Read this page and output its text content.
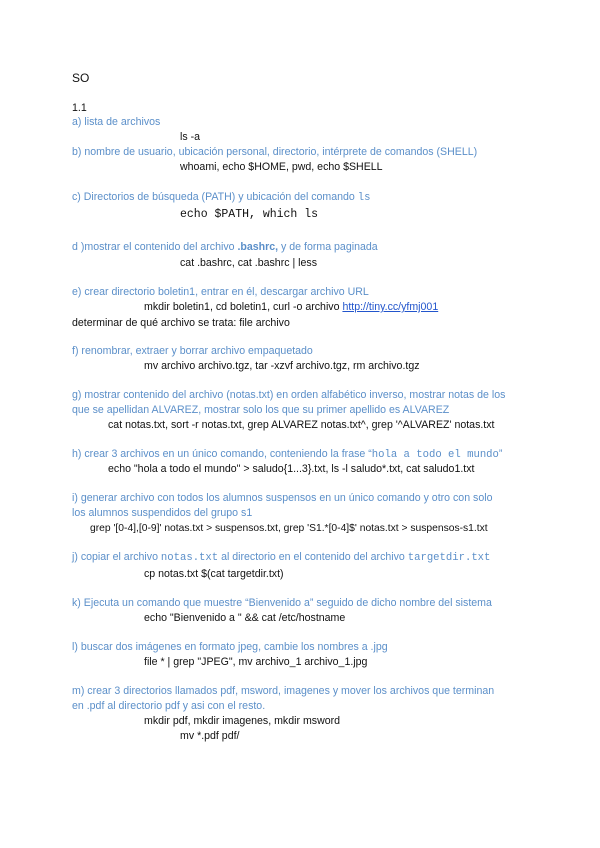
SO
1.1
a) lista de archivos
ls -a
b) nombre de usuario, ubicación personal, directorio, intérprete de comandos (SHELL)
whoami, echo $HOME, pwd, echo $SHELL
c) Directorios de búsqueda (PATH) y ubicación del comando ls
echo $PATH, which ls
d )mostrar el contenido del archivo .bashrc, y de forma paginada
cat .bashrc, cat .bashrc | less
e) crear directorio boletin1, entrar en él, descargar archivo URL
mkdir boletin1, cd boletin1, curl -o archivo http://tiny.cc/yfmj001
determinar de qué archivo se trata: file archivo
f) renombrar, extraer y borrar archivo empaquetado
mv archivo archivo.tgz, tar -xzvf archivo.tgz, rm archivo.tgz
g) mostrar contenido del archivo (notas.txt) en orden alfabético inverso, mostrar notas de los
que se apellidan ALVAREZ, mostrar solo los que su primer apellido es ALVAREZ
cat notas.txt, sort -r notas.txt, grep ALVAREZ notas.txt^, grep '^ALVAREZ' notas.txt
h) crear 3 archivos en un único comando, conteniendo la frase “hola a todo el mundo”
echo "hola a todo el mundo" > saludo{1...3}.txt, ls -l saludo*.txt, cat saludo1.txt
i) generar archivo con todos los alumnos suspensos en un único comando y otro con solo
los alumnos suspendidos del grupo s1
grep '[0-4],[0-9]' notas.txt > suspensos.txt, grep 'S1.*[0-4]$' notas.txt > suspensos-s1.txt
j) copiar el archivo notas.txt al directorio en el contenido del archivo targetdir.txt
cp notas.txt $(cat targetdir.txt)
k) Ejecuta un comando que muestre “Bienvenido a” seguido de dicho nombre del sistema
echo "Bienvenido a " && cat /etc/hostname
l) buscar dos imágenes en formato jpeg, cambie los nombres a .jpg
file * | grep "JPEG", mv archivo_1 archivo_1.jpg
m) crear 3 directorios llamados pdf, msword, imagenes y mover los archivos que terminan
en .pdf al directorio pdf y asi con el resto.
mkdir pdf, mkdir imagenes, mkdir msword
mv *.pdf pdf/
